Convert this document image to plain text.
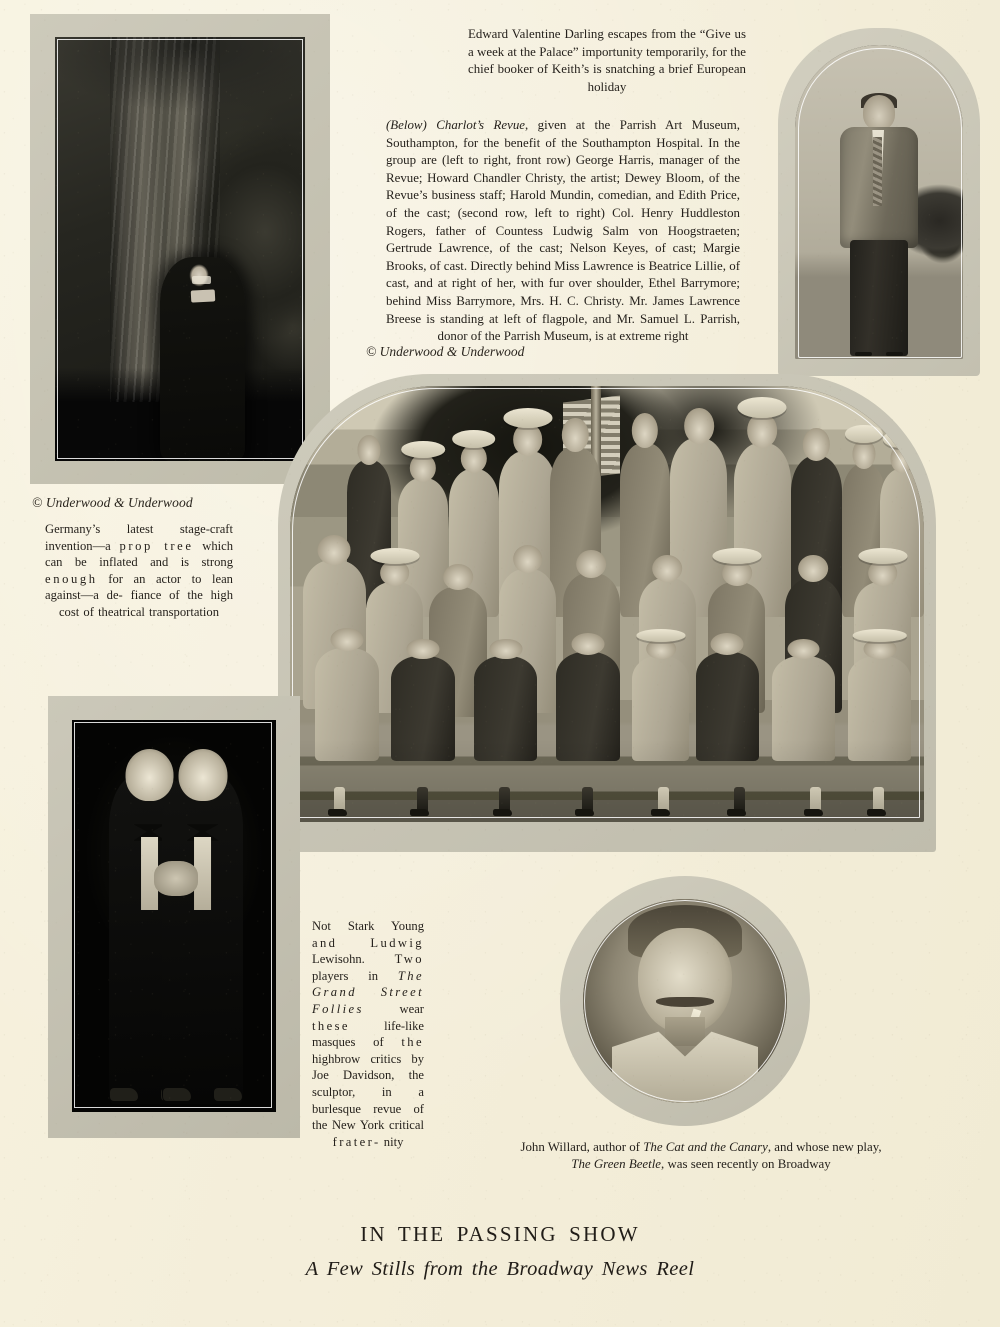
© Underwood & Underwood
Germany’s latest stage-craft invention—a prop tree which can be inflated and is strong enough for an actor to lean against—a de- fiance of the high cost of theatrical transportation
Edward Valentine Darling escapes from the “Give us a week at the Palace” importunity temporarily, for the chief booker of Keith’s is snatching a brief European holiday
(Below) Charlot’s Revue, given at the Parrish Art Museum, Southampton, for the benefit of the Southampton Hospital. In the group are (left to right, front row) George Harris, manager of the Revue; Howard Chandler Christy, the artist; Dewey Bloom, of the Revue’s business staff; Harold Mundin, comedian, and Edith Price, of the cast; (second row, left to right) Col. Henry Huddleston Rogers, father of Countess Ludwig Salm von Hoogstraeten; Gertrude Lawrence, of the cast; Nelson Keyes, of cast; Margie Brooks, of cast. Directly behind Miss Lawrence is Beatrice Lillie, of cast, and at right of her, with fur over shoulder, Ethel Barrymore; behind Miss Barrymore, Mrs. H. C. Christy. Mr. James Lawrence Breese is standing at left of flagpole, and Mr. Samuel L. Parrish, donor of the Parrish Museum, is at extreme right
© Underwood & Underwood
Not Stark Young and	Ludwig Lewisohn. Two players in The Grand Street Follies	wear these	life-like masques of the highbrow critics by Joe Davidson, the sculptor, in a burlesque revue of the New York critical frater- nity	John Willard, author of The Cat and the Canary, and whose new play, The Green Beetle, was seen recently on Broadway
IN THE PASSING SHOW
A Few Stills from the Broadway News Reel
